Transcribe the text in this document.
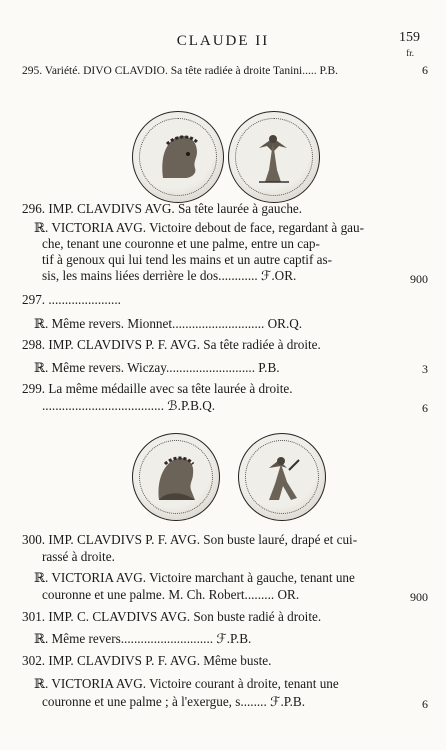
CLAUDE II	159
fr.
295. Variété. DIVO CLAVDIO. Sa tête radiée à droite Tanini..... P.B.	6
296. IMP. CLAVDIVS AVG. Sa tête laurée à gauche.
ℝ. VICTORIA AVG. Victoire debout de face, regardant à gau-
che, tenant une couronne et une palme, entre un cap-
tif à genoux qui lui tend les mains et un autre captif as-
sis, les mains liées derrière le dos............ ℱ.OR.	900
297. ......................
ℝ. Même revers. Mionnet............................ OR.Q.
298. IMP. CLAVDIVS P. F. AVG. Sa tête radiée à droite.
ℝ. Même revers. Wiczay........................... P.B.	3
299. La même médaille avec sa tête laurée à droite.
..................................... ℬ.P.B.Q.	6
300. IMP. CLAVDIVS P. F. AVG. Son buste lauré, drapé et cui-
rassé à droite.
ℝ. VICTORIA AVG. Victoire marchant à gauche, tenant une
couronne et une palme. M. Ch. Robert......... OR.	900
301. IMP. C. CLAVDIVS AVG. Son buste radié à droite.
ℝ. Même revers............................ ℱ.P.B.
302. IMP. CLAVDIVS P. F. AVG. Même buste.
ℝ. VICTORIA AVG. Victoire courant à droite, tenant une
couronne et une palme ; à l'exergue, s........ ℱ.P.B.	6
